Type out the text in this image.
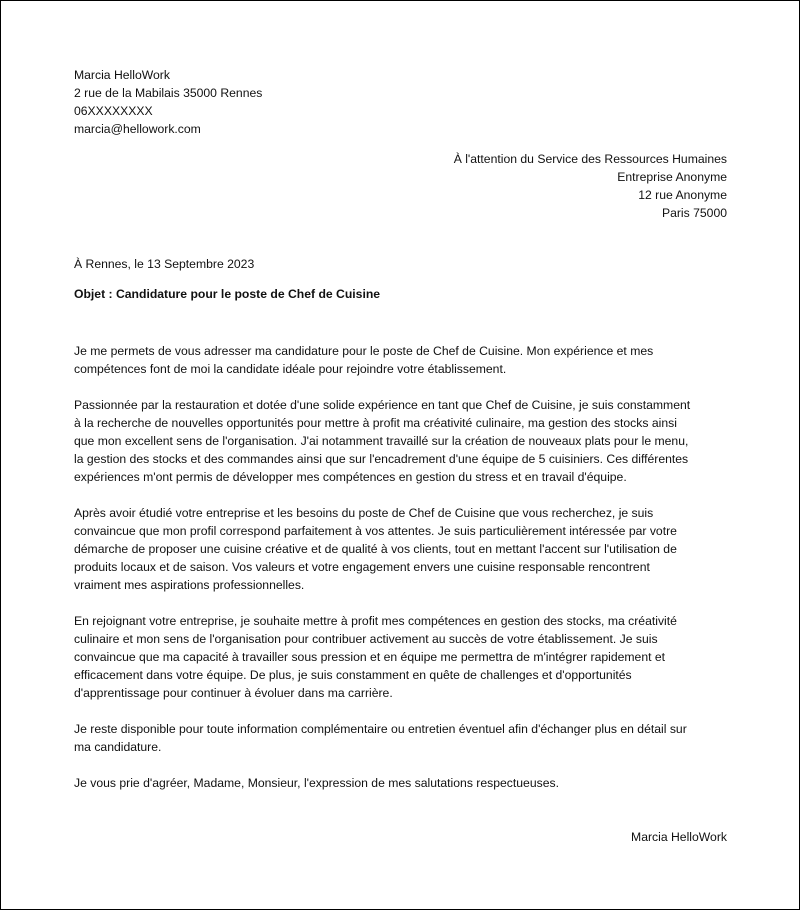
Marcia HelloWork
2 rue de la Mabilais 35000 Rennes
06XXXXXXXX
marcia@hellowork.com
À l'attention du Service des Ressources Humaines
Entreprise Anonyme
12 rue Anonyme
Paris 75000
À Rennes, le 13 Septembre 2023
Objet : Candidature pour le poste de Chef de Cuisine
Je me permets de vous adresser ma candidature pour le poste de Chef de Cuisine. Mon expérience et mes
compétences font de moi la candidate idéale pour rejoindre votre établissement.
Passionnée par la restauration et dotée d'une solide expérience en tant que Chef de Cuisine, je suis constamment
à la recherche de nouvelles opportunités pour mettre à profit ma créativité culinaire, ma gestion des stocks ainsi
que mon excellent sens de l'organisation. J'ai notamment travaillé sur la création de nouveaux plats pour le menu,
la gestion des stocks et des commandes ainsi que sur l'encadrement d'une équipe de 5 cuisiniers. Ces différentes
expériences m'ont permis de développer mes compétences en gestion du stress et en travail d'équipe.
Après avoir étudié votre entreprise et les besoins du poste de Chef de Cuisine que vous recherchez, je suis
convaincue que mon profil correspond parfaitement à vos attentes. Je suis particulièrement intéressée par votre
démarche de proposer une cuisine créative et de qualité à vos clients, tout en mettant l'accent sur l'utilisation de
produits locaux et de saison. Vos valeurs et votre engagement envers une cuisine responsable rencontrent
vraiment mes aspirations professionnelles.
En rejoignant votre entreprise, je souhaite mettre à profit mes compétences en gestion des stocks, ma créativité
culinaire et mon sens de l'organisation pour contribuer activement au succès de votre établissement. Je suis
convaincue que ma capacité à travailler sous pression et en équipe me permettra de m'intégrer rapidement et
efficacement dans votre équipe. De plus, je suis constamment en quête de challenges et d'opportunités
d'apprentissage pour continuer à évoluer dans ma carrière.
Je reste disponible pour toute information complémentaire ou entretien éventuel afin d'échanger plus en détail sur
ma candidature.
Je vous prie d'agréer, Madame, Monsieur, l'expression de mes salutations respectueuses.
Marcia HelloWork
